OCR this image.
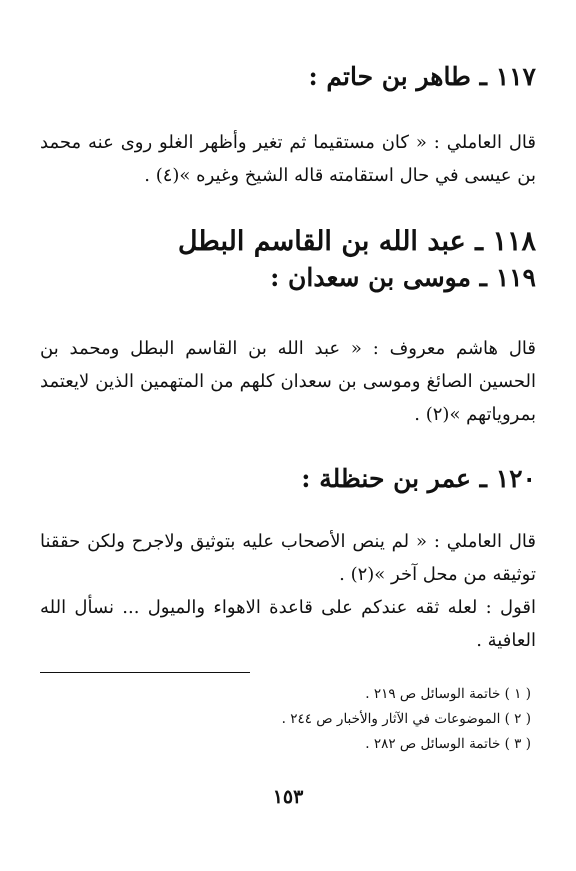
١١٧ ـ طاهر بن حاتم :

قال العاملي : « كان مستقيما ثم تغير وأظهر الغلو روى عنه محمد بن عيسى في حال استقامته قاله الشيخ وغيره »(٤) .

١١٨ ـ عبد الله بن القاسم البطل
١١٩ ـ موسى بن سعدان :

قال هاشم معروف : « عبد الله بن القاسم البطل ومحمد بن الحسين الصائغ وموسى بن سعدان كلهم من المتهمين الذين لايعتمد بمروياتهم »(٢) .

١٢٠ ـ عمر بن حنظلة :

قال العاملي : « لم ينص الأصحاب عليه بتوثيق ولاجرح ولكن حققنا توثيقه من محل آخر »(٢) .

اقول : لعله ثقه عندكم على قاعدة الاهواء والميول ... نسأل الله العافية .

( ١ ) خاتمة الوسائل ص ٢١٩ .
( ٢ ) الموضوعات في الآثار والأخبار ص ٢٤٤ .
( ٣ ) خاتمة الوسائل ص ٢٨٢ .
١٥٣
